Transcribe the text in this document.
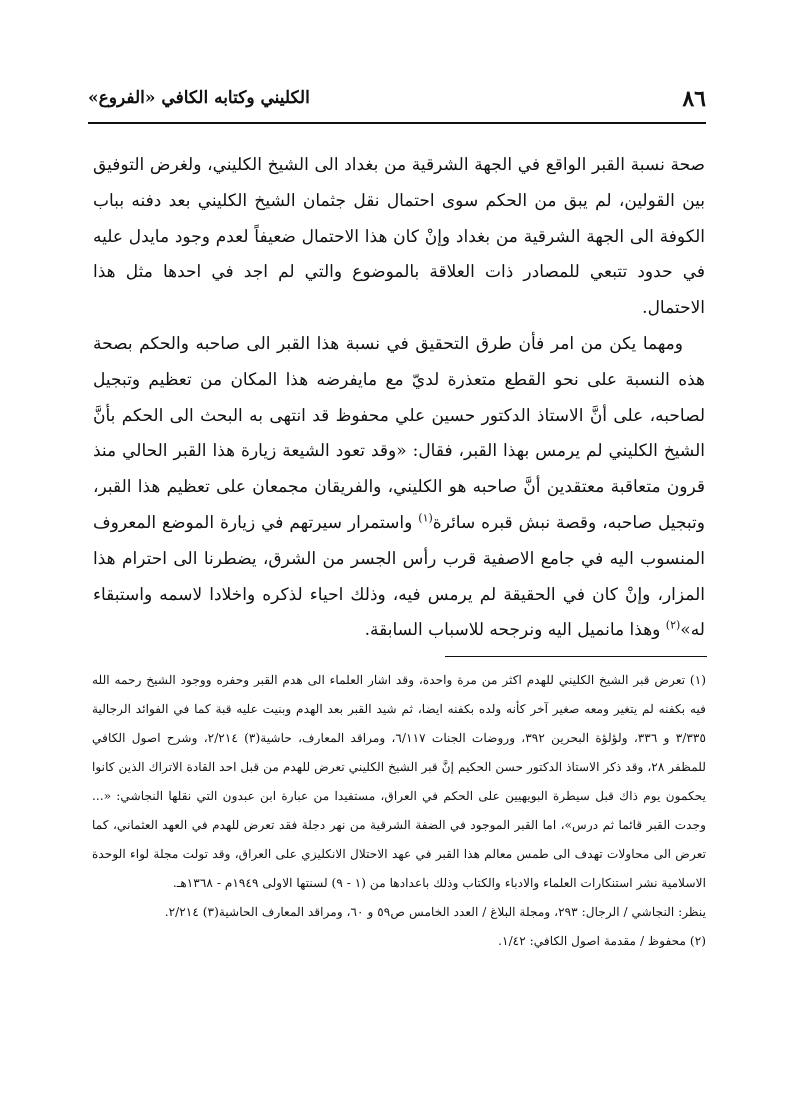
٨٦
الكليني وكتابه الكافي «الفروع»

صحة نسبة القبر الواقع في الجهة الشرقية من بغداد الى الشيخ الكليني، ولغرض التوفيق بين القولين، لم يبق من الحكم سوى احتمال نقل جثمان الشيخ الكليني بعد دفنه بباب الكوفة الى الجهة الشرقية من بغداد وإنْ كان هذا الاحتمال ضعيفاً لعدم وجود مايدل عليه في حدود تتبعي للمصادر ذات العلاقة بالموضوع والتي لم اجد في احدها مثل هذا الاحتمال.

ومهما يكن من امر فأن طرق التحقيق في نسبة هذا القبر الى صاحبه والحكم بصحة هذه النسبة على نحو القطع متعذرة لديّ مع مايفرضه هذا المكان من تعظيم وتبجيل لصاحبه، على أنَّ الاستاذ الدكتور حسين علي محفوظ قد انتهى به البحث الى الحكم بأنَّ الشيخ الكليني لم يرمس بهذا القبر، فقال: «وقد تعود الشيعة زيارة هذا القبر الحالي منذ قرون متعاقبة معتقدين أنَّ صاحبه هو الكليني، والفريقان مجمعان على تعظيم هذا القبر، وتبجيل صاحبه، وقصة نبش قبره سائرة$^{(١)}$ واستمرار سيرتهم في زيارة الموضع المعروف المنسوب اليه في جامع الاصفية قرب رأس الجسر من الشرق، يضطرنا الى احترام هذا المزار، وإنْ كان في الحقيقة لم يرمس فيه، وذلك احياء لذكره واخلادا لاسمه واستبقاء له»$^{(٢)}$ وهذا مانميل اليه ونرجحه للاسباب السابقة.

(١) تعرض قبر الشيخ الكليني للهدم اكثر من مرة واحدة، وقد اشار العلماء الى هدم القبر وحفره ووجود الشيخ رحمه الله فيه بكفنه لم يتغير ومعه صغير آخر كأنه ولده بكفنه ايضا، ثم شيد القبر بعد الهدم وبنيت عليه قبة كما في الفوائد الرجالية ٣/٣٣٥ و ٣٣٦، ولؤلؤة البحرين ٣٩٢، وروضات الجنات ٦/١١٧، ومراقد المعارف، حاشية(٣) ٢/٢١٤، وشرح اصول الكافي للمظفر ٢٨، وقد ذكر الاستاذ الدكتور حسن الحكيم إنَّ قبر الشيخ الكليني تعرض للهدم من قبل احد القادة الاتراك الذين كانوا يحكمون يوم ذاك قبل سيطرة البويهيين على الحكم في العراق، مستفيدا من عبارة ابن عبدون التي نقلها النجاشي: «... وجدت القبر قائما ثم درس»، اما القبر الموجود في الضفة الشرقية من نهر دجلة فقد تعرض للهدم في العهد العثماني، كما تعرض الى محاولات تهدف الى طمس معالم هذا القبر في عهد الاحتلال الانكليزي على العراق، وقد تولت مجلة لواء الوحدة الاسلامية نشر استنكارات العلماء والادباء والكتاب وذلك باعدادها من (١ - ٩) لسنتها الاولى ١٩٤٩م - ١٣٦٨هـ.

ينظر: النجاشي / الرجال: ٢٩٣، ومجلة البلاغ / العدد الخامس ص٥٩ و ٦٠، ومراقد المعارف الحاشية(٣) ٢/٢١٤.

(٢) محفوظ / مقدمة اصول الكافي: ١/٤٢.
